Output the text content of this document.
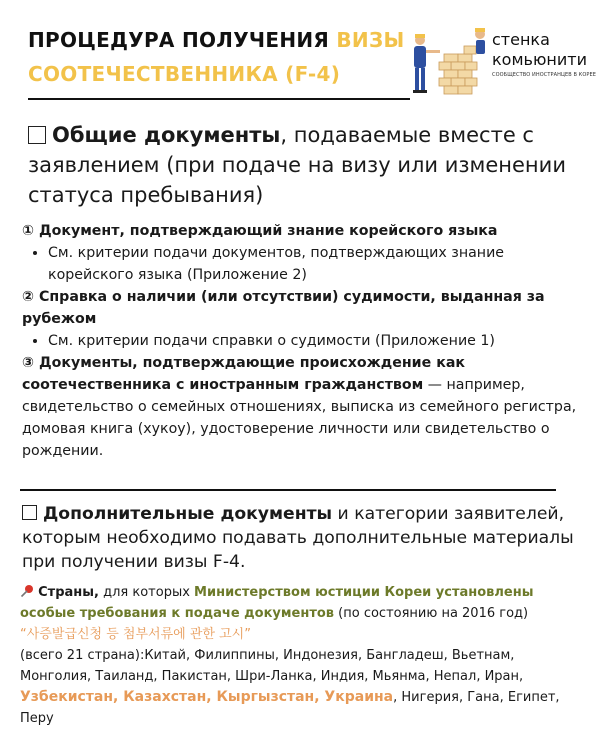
ПРОЦЕДУРА ПОЛУЧЕНИЯ ВИЗЫ
СООТЕЧЕСТВЕННИКА (F-4)
стенка
комьюнити
СООБЩЕСТВО ИНОСТРАНЦЕВ В КОРЕЕ
Общие документы, подаваемые вместе с заявлением (при подаче на визу или изменении статуса пребывания)

① Документ, подтверждающий знание корейского языка

• См. критерии подачи документов, подтверждающих знание корейского языка (Приложение 2)

② Справка о наличии (или отсутствии) судимости, выданная за рубежом

• См. критерии подачи справки о судимости (Приложение 1)

③ Документы, подтверждающие происхождение как соотечественника с иностранным гражданством — например, свидетельство о семейных отношениях, выписка из семейного регистра, домовая книга (хукоу), удостоверение личности или свидетельство о рождении.

Дополнительные документы и категории заявителей, которым необходимо подавать дополнительные материалы при получении визы F-4.
Страны, для которых Министерством юстиции Кореи установлены особые требования к подаче документов (по состоянию на 2016 год)
“사증발급신청 등 첨부서류에 관한 고시”
(всего 21 страна):Китай, Филиппины, Индонезия, Бангладеш, Вьетнам, Монголия, Таиланд, Пакистан, Шри-Ланка, Индия, Мьянма, Непал, Иран, Узбекистан, Казахстан, Кыргызстан, Украина, Нигерия, Гана, Египет, Перу
